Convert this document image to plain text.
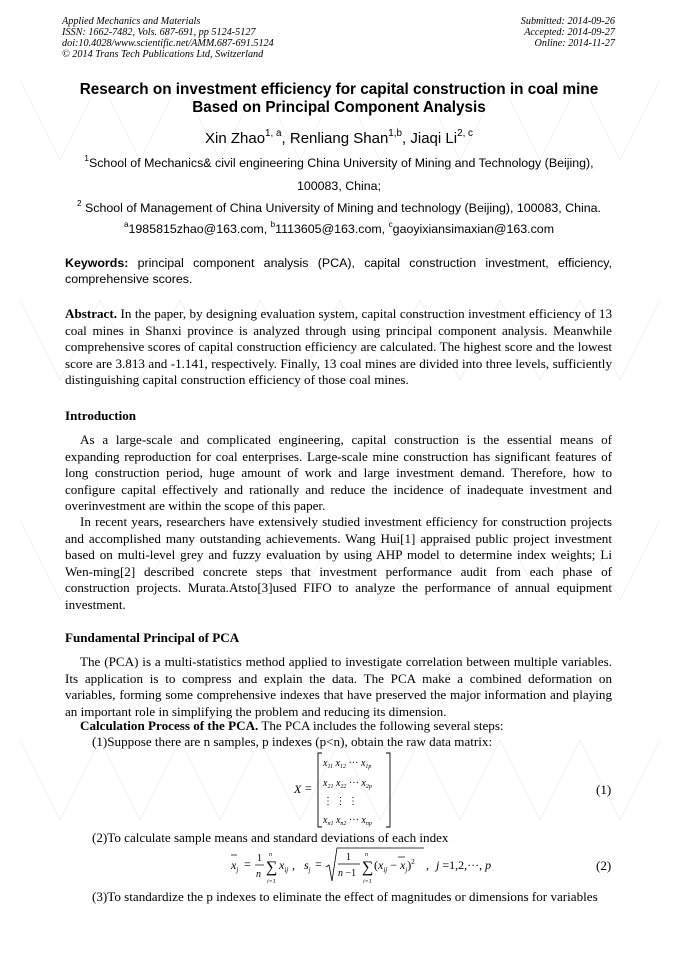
Applied Mechanics and Materials
ISSN: 1662-7482, Vols. 687-691, pp 5124-5127
doi:10.4028/www.scientific.net/AMM.687-691.5124
© 2014 Trans Tech Publications Ltd, Switzerland
Submitted: 2014-09-26
Accepted: 2014-09-27
Online: 2014-11-27
Research on investment efficiency for capital construction in coal mine
Based on Principal Component Analysis
Xin Zhao$^{1, a}$, Renliang Shan$^{1,b}$, Jiaqi Li$^{2, c}$
$^1$School of Mechanics& civil engineering China University of Mining and Technology (Beijing),
100083, China;
$^2$ School of Management of China University of Mining and technology (Beijing), 100083, China.
$^a$1985815zhao@163.com, $^b$1113605@163.com, $^c$gaoyixiansimaxian@163.com
Keywords: principal component analysis (PCA), capital construction investment, efficiency, comprehensive scores.
Abstract. In the paper, by designing evaluation system, capital construction investment efficiency of 13 coal mines in Shanxi province is analyzed through using principal component analysis. Meanwhile comprehensive scores of capital construction efficiency are calculated. The highest score and the lowest score are 3.813 and -1.141, respectively. Finally, 13 coal mines are divided into three levels, sufficiently distinguishing capital construction efficiency of those coal mines.
Introduction
As a large-scale and complicated engineering, capital construction is the essential means of expanding reproduction for coal enterprises. Large-scale mine construction has significant features of long construction period, huge amount of work and large investment demand. Therefore, how to configure capital effectively and rationally and reduce the incidence of inadequate investment and overinvestment are within the scope of this paper.
In recent years, researchers have extensively studied investment efficiency for construction projects and accomplished many outstanding achievements. Wang Hui[1] appraised public project investment based on multi-level grey and fuzzy evaluation by using AHP model to determine index weights; Li Wen-ming[2] described concrete steps that investment performance audit from each phase of construction projects. Murata.Atsto[3]used FIFO to analyze the performance of annual equipment investment.
Fundamental Principal of PCA
The (PCA) is a multi-statistics method applied to investigate correlation between multiple variables. Its application is to compress and explain the data. The PCA make a combined deformation on variables, forming some comprehensive indexes that have preserved the major information and playing an important role in simplifying the problem and reducing its dimension.
Calculation Process of the PCA. The PCA includes the following several steps:
(1)Suppose there are n samples, p indexes (p<n), obtain the raw data matrix:
X =
$x_{11}$ $x_{12}$ ··· $x_{1p}$
$x_{21}$ $x_{22}$ ··· $x_{2p}$
⋮ ⋮ ⋮
$x_{n1}$ $x_{n2}$ ··· $x_{np}$
(1)
(2)To calculate sample means and standard deviations of each index
$x_j = 1$
n ∑
n
i=1
$x_{ij}$ , $s_j = 1$
n −1 ∑
n
i=1
$(x_{ij} - x_j)^2$ , j =1,2,···, p	(2)
(3)To standardize the p indexes to eliminate the effect of magnitudes or dimensions for variables
